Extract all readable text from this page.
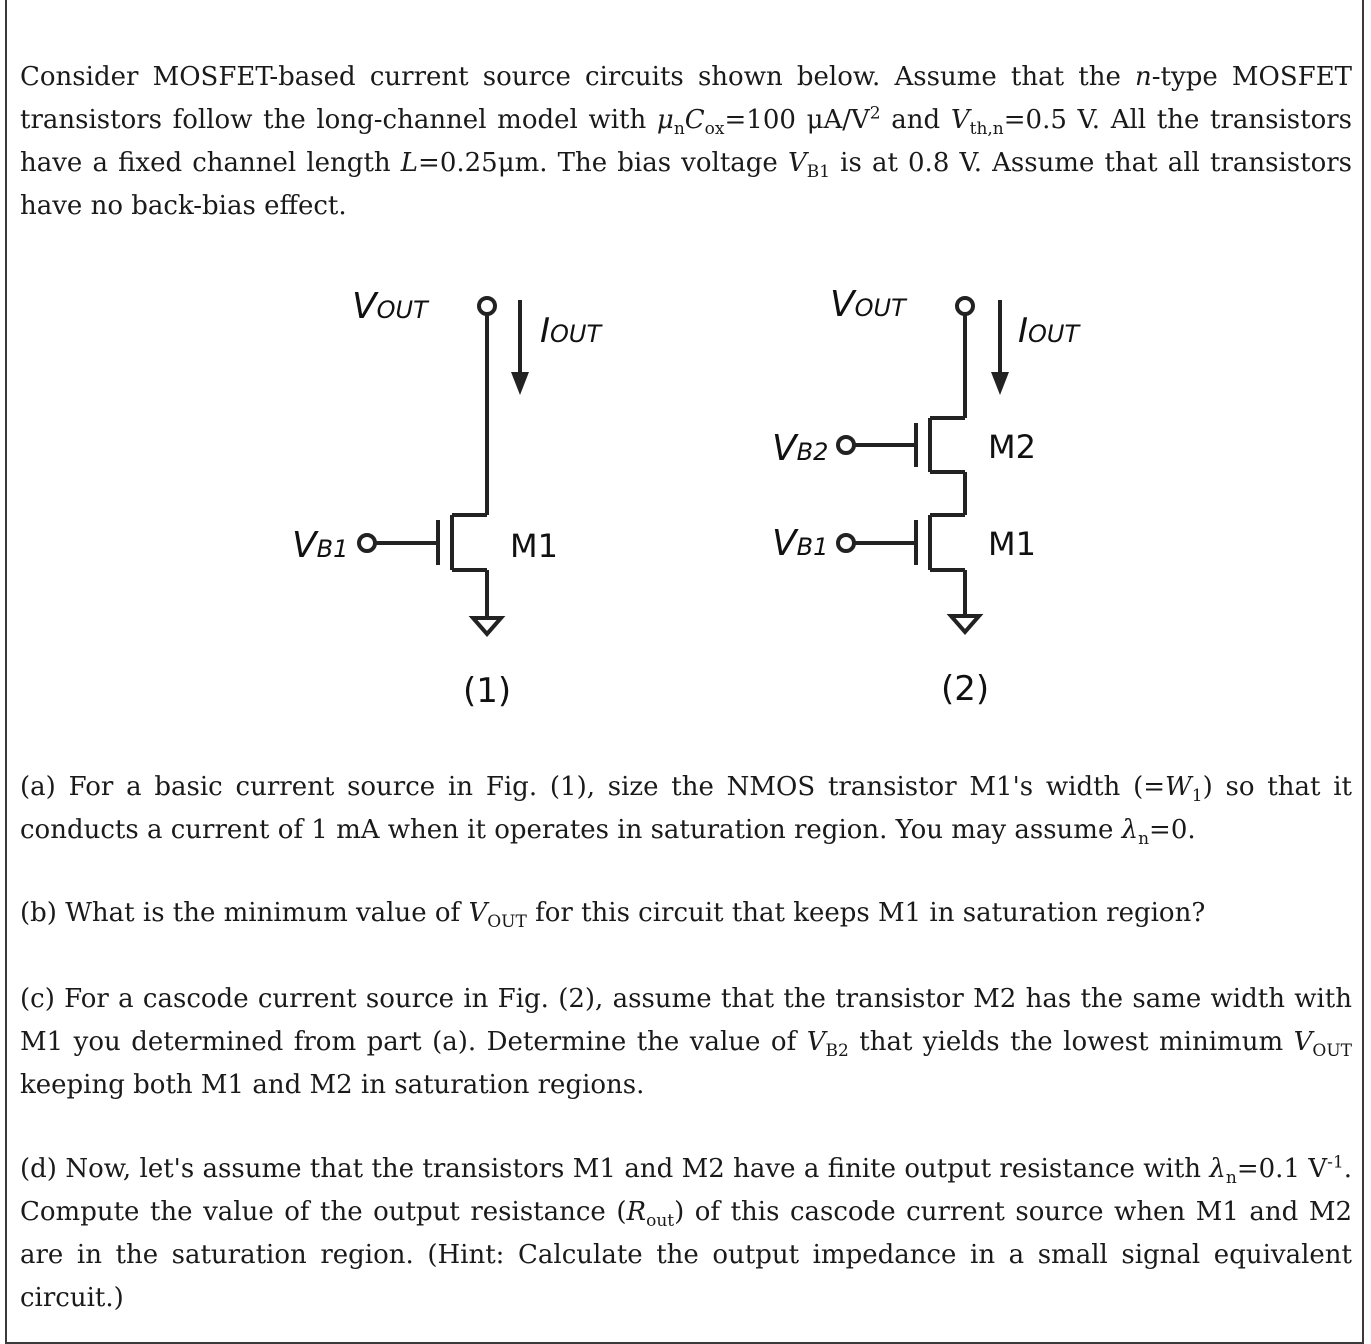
Consider MOSFET-based current source circuits shown below. Assume that the n-type MOSFET transistors follow the long-channel model with $\mu_nC_{ox}=100$ $\mu A/V^2$ and $V_{th,n}=0.5$ V. All the transistors have a fixed channel length L=0.25μm. The bias voltage $V_{B1}$ is at 0.8 V. Assume that all transistors have no back-bias effect.
VOUT
IOUT
VB1	M1
(1)
VOUT
IOUT
VB2	M2
VB1	M1
(2)
(a) For a basic current source in Fig. (1), size the NMOS transistor M1's width $(=W_1)$ so that it conducts a current of 1 mA when it operates in saturation region. You may assume $\lambda_n=0$.
(b) What is the minimum value of $V_{OUT}$ for this circuit that keeps M1 in saturation region?
(c) For a cascode current source in Fig. (2), assume that the transistor M2 has the same width with M1 you determined from part (a). Determine the value of $V_{B2}$ that yields the lowest minimum $V_{OUT}$ keeping both M1 and M2 in saturation regions.
(d) Now, let's assume that the transistors M1 and M2 have a finite output resistance with $\lambda_n=0.1$ $V^{-1}$. Compute the value of the output resistance $(R_{out})$ of this cascode current source when M1 and M2 are in the saturation region. (Hint: Calculate the output impedance in a small signal equivalent circuit.)
